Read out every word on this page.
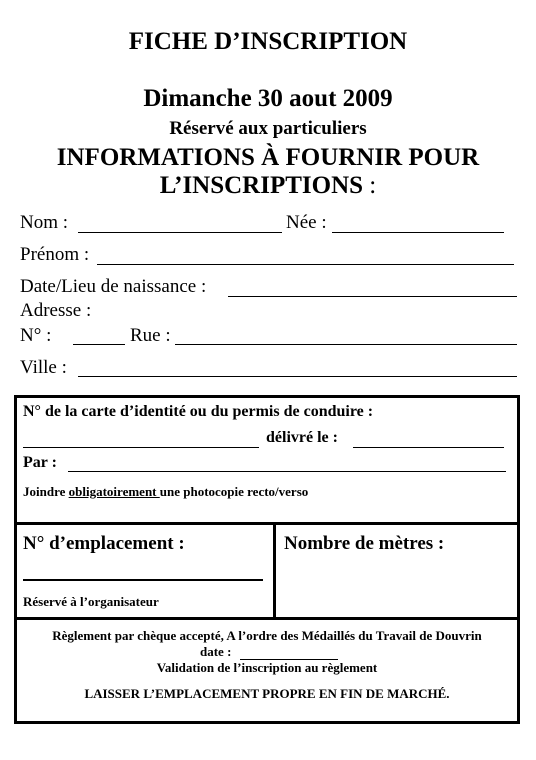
FICHE D’INSCRIPTION
Dimanche 30 aout 2009
Réservé aux particuliers
INFORMATIONS À FOURNIR POUR
L’INSCRIPTIONS :
Nom :	Née :
Prénom :
Date/Lieu de naissance :
Adresse :
N° :	Rue :
Ville :
N° de la carte d’identité ou du permis de conduire :
délivré le :
Par :
Joindre obligatoirement une photocopie recto/verso
N° d’emplacement :
Réservé à l’organisateur
Nombre de mètres :
Règlement par chèque accepté, A l’ordre des Médaillés du Travail de Douvrin
date :
Validation de l’inscription au règlement
LAISSER L’EMPLACEMENT PROPRE EN FIN DE MARCHÉ.
